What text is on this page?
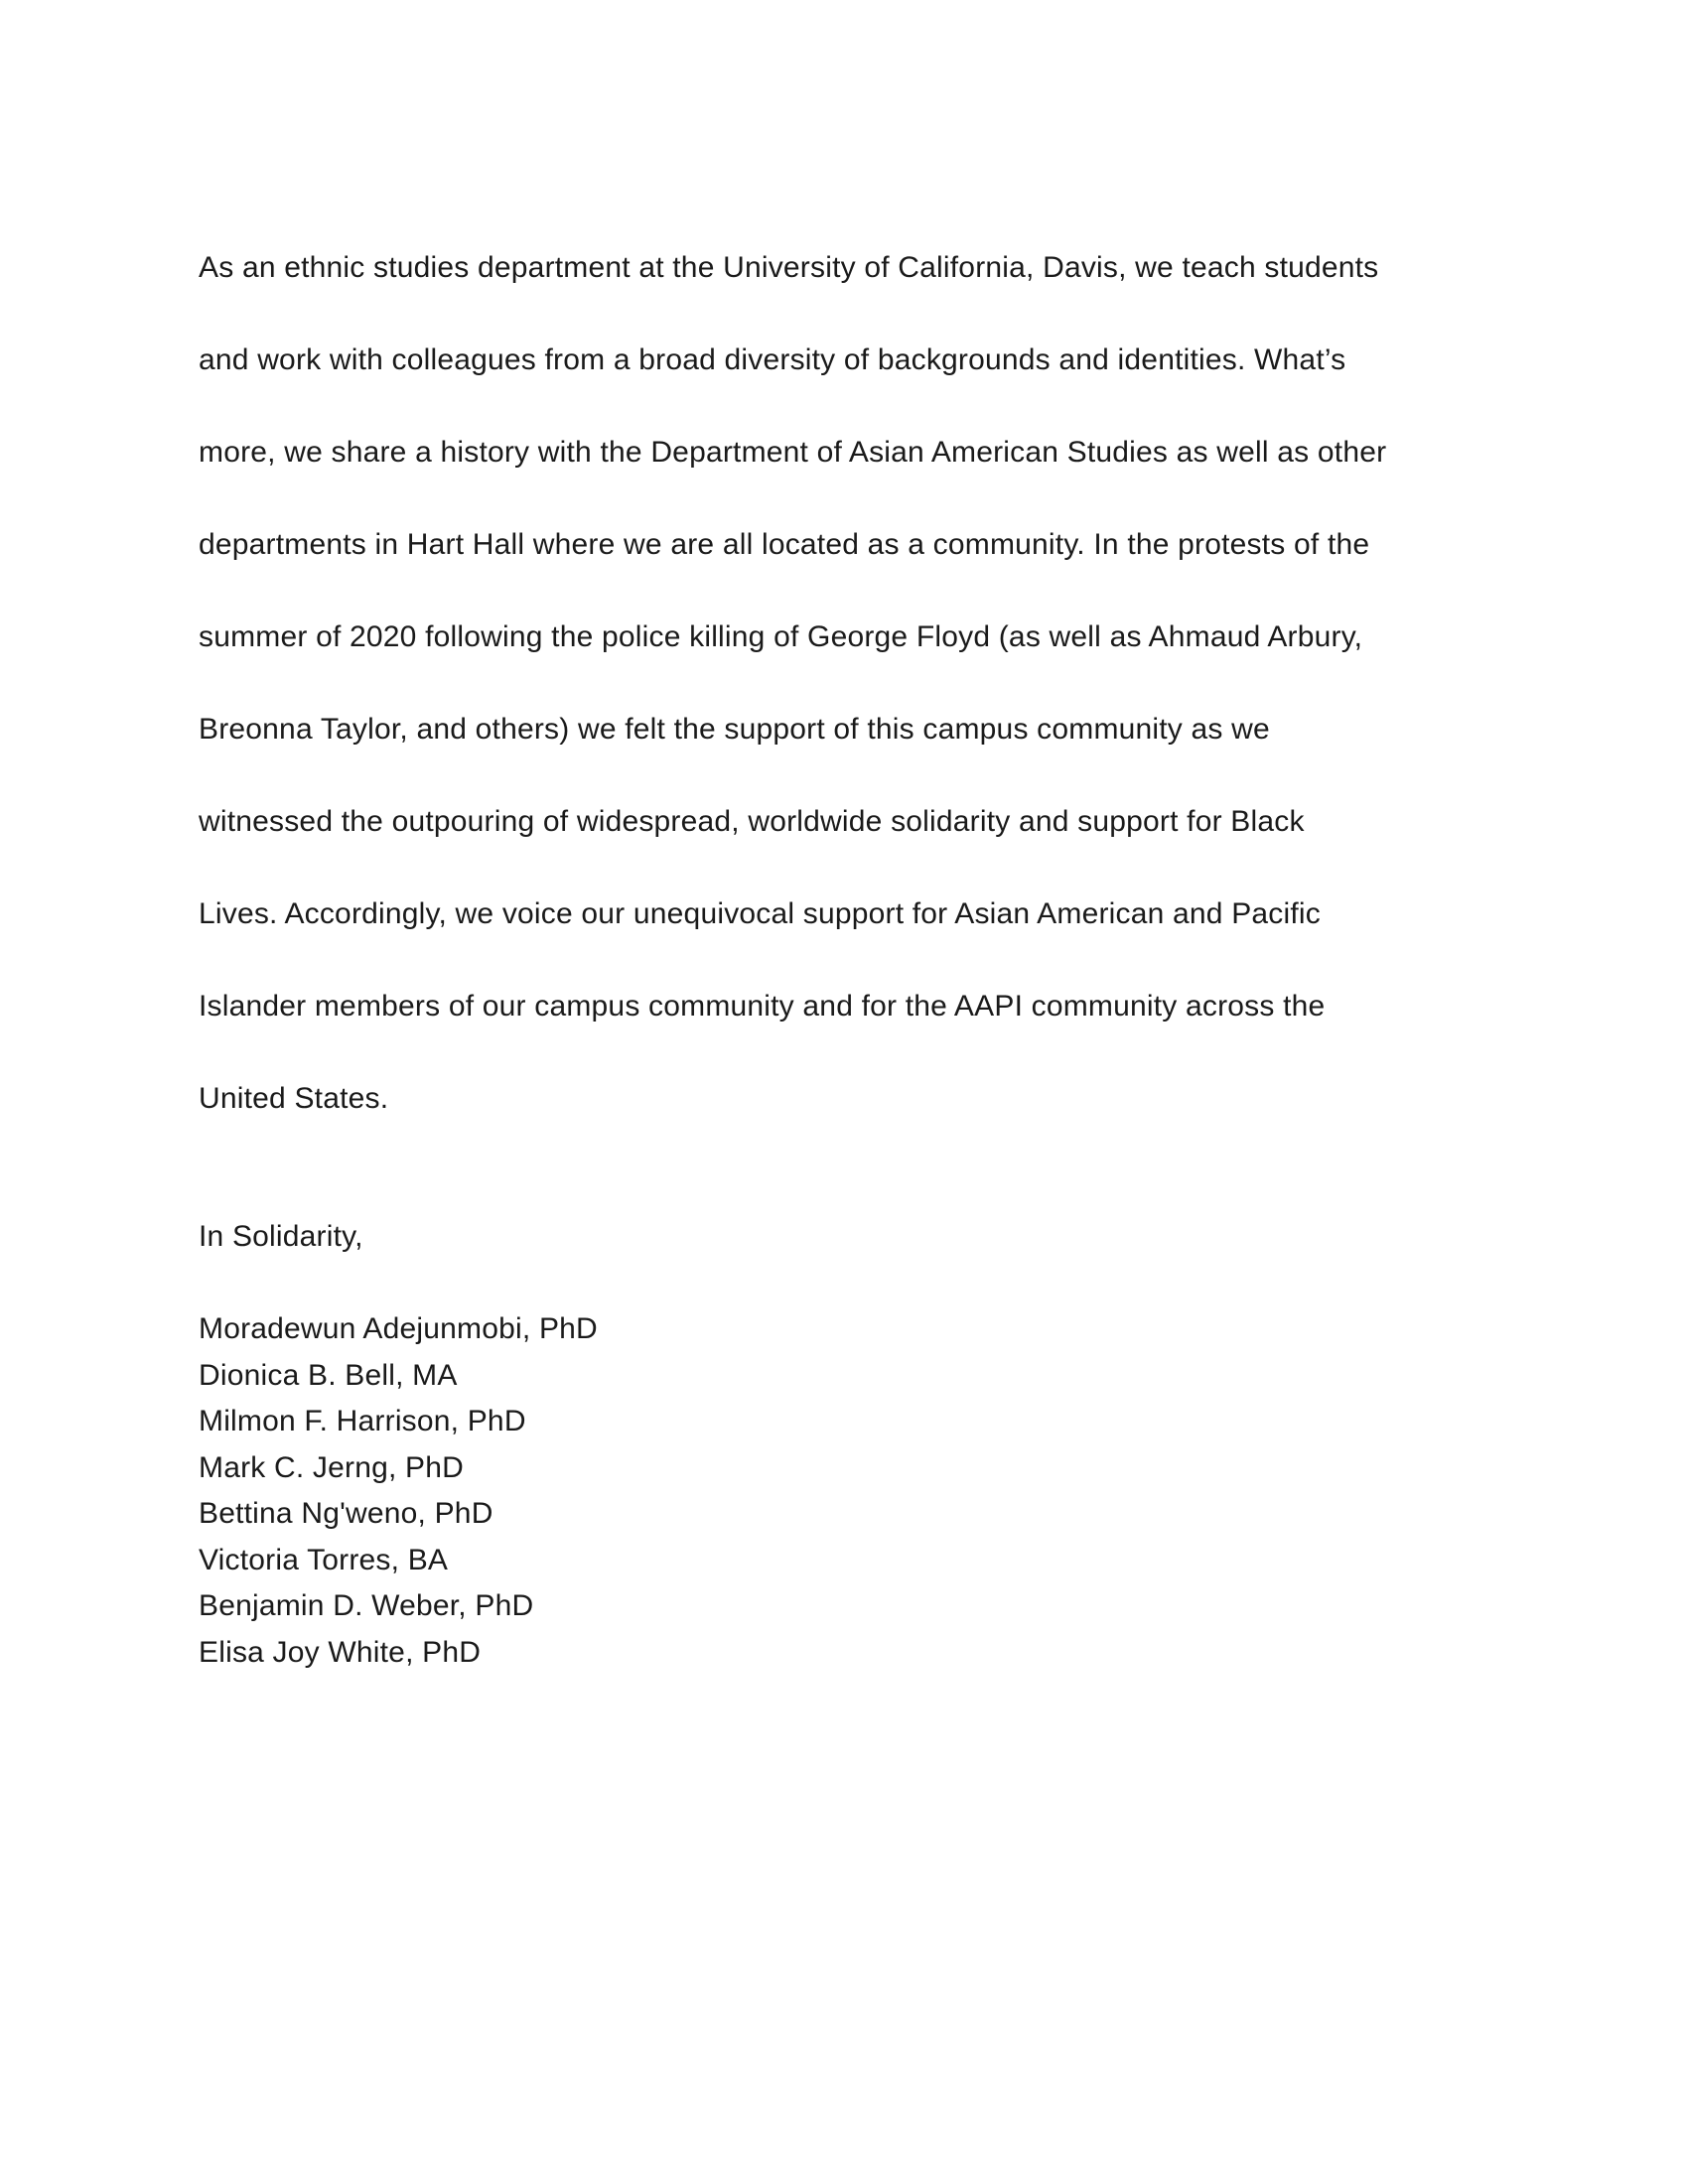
As an ethnic studies department at the University of California, Davis, we teach students

and work with colleagues from a broad diversity of backgrounds and identities. What’s

more, we share a history with the Department of Asian American Studies as well as other

departments in Hart Hall where we are all located as a community. In the protests of the

summer of 2020 following the police killing of George Floyd (as well as Ahmaud Arbury,

Breonna Taylor, and others) we felt the support of this campus community as we

witnessed the outpouring of widespread, worldwide solidarity and support for Black

Lives. Accordingly, we voice our unequivocal support for Asian American and Pacific

Islander members of our campus community and for the AAPI community across the

United States.

In Solidarity,
Moradewun Adejunmobi, PhD
Dionica B. Bell, MA
Milmon F. Harrison, PhD
Mark C. Jerng, PhD
Bettina Ng'weno, PhD
Victoria Torres, BA
Benjamin D. Weber, PhD
Elisa Joy White, PhD
